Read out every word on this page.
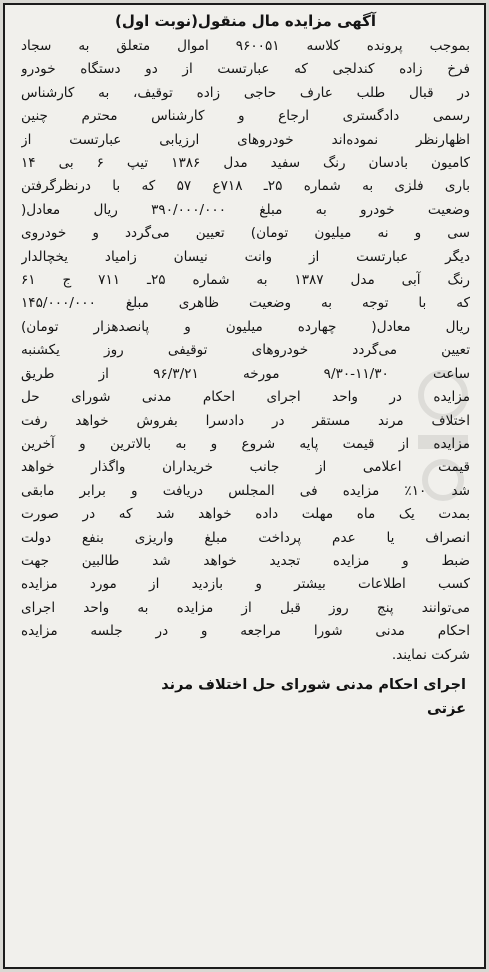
آگهی مزایده مال منقول(نوبت اول)
بموجب پرونده کلاسه ۹۶۰۰۵۱ اموال متعلق به سجاد
فرخ زاده کندلجی که عبارتست از دو دستگاه خودرو
در قبال طلب عارف حاجی زاده توقیف، به کارشناس
رسمی دادگستری ارجاع و کارشناس محترم چنین
اظهارنظر نموده‌اند خودروهای ارزیابی عبارتست از
کامیون بادسان رنگ سفید مدل ۱۳۸۶ تیپ ۶ بی ۱۴
باری فلزی به شماره ۲۵ـ ۷۱۸ع ۵۷ که با درنظرگرفتن
وضعیت خودرو به مبلغ ۳۹۰/۰۰۰/۰۰۰ ریال معادل(
سی و نه میلیون تومان) تعیین می‌گردد و خودروی
دیگر عبارتست از وانت نیسان زامیاد یخچالدار
رنگ آبی مدل ۱۳۸۷ به شماره ۲۵ـ ۷۱۱ ج ۶۱
که با توجه به وضعیت ظاهری مبلغ ۱۴۵/۰۰۰/۰۰۰
ریال معادل( چهارده میلیون و پانصدهزار تومان)
تعیین می‌گردد خودروهای توقیفی روز یکشنبه
ساعت ۱۱/۳۰-۹/۳۰ مورخه ۹۶/۳/۲۱ از طریق
مزایده در واحد اجرای احکام مدنی شورای حل
اختلاف مرند مستقر در دادسرا بفروش خواهد رفت
مزایده از قیمت پایه شروع و به بالاترین و آخرین
قیمت اعلامی از جانب خریداران واگذار خواهد
شد ۱۰٪ مزایده فی المجلس دریافت و برابر مابقی
بمدت یک ماه مهلت داده خواهد شد که در صورت
انصراف یا عدم پرداخت مبلغ واریزی بنفع دولت
ضبط و مزایده تجدید خواهد شد طالبین جهت
کسب اطلاعات بیشتر و بازدید از مورد مزایده
می‌توانند پنج روز قبل از مزایده به واحد اجرای
احکام مدنی شورا مراجعه و در جلسه مزایده
شرکت نمایند.
اجرای احکام مدنی شورای حل اختلاف مرند
عزتی
